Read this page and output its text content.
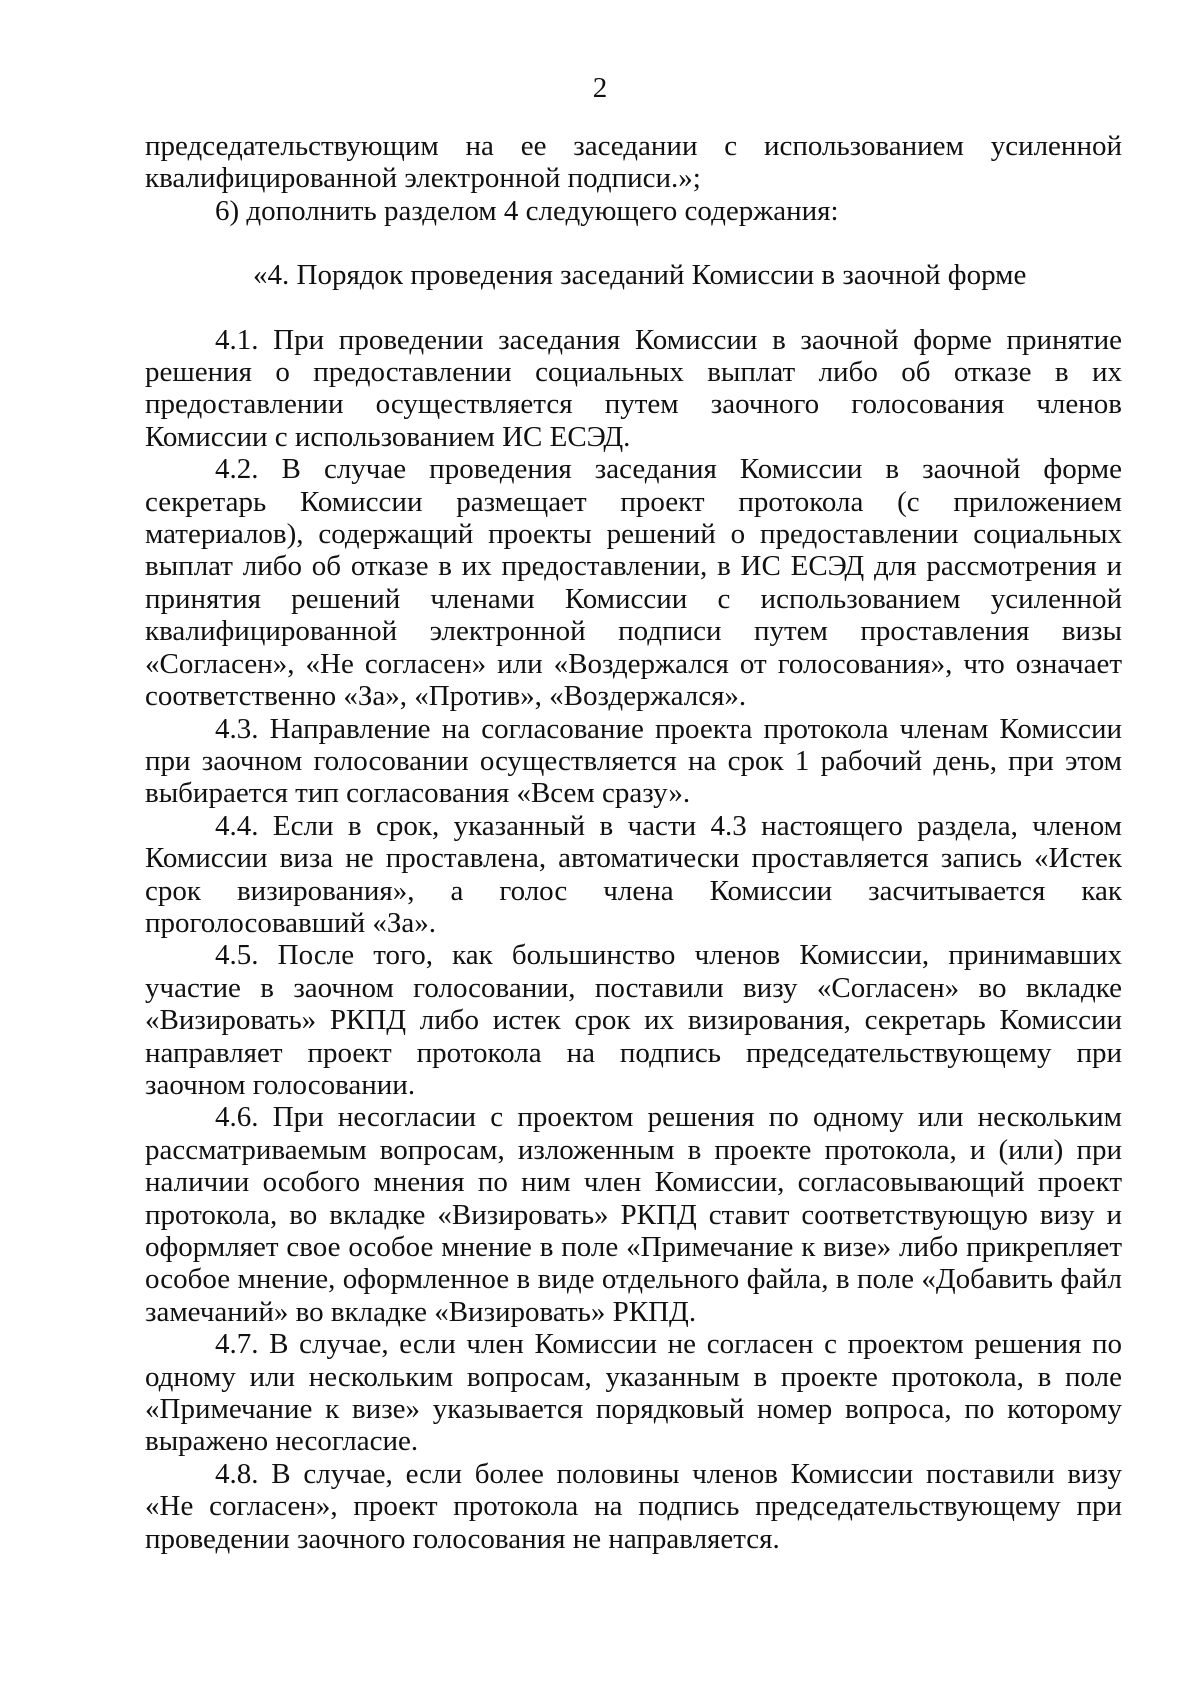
2

председательствующим на ее заседании с использованием усиленной квалифицированной электронной подписи.»;

6) дополнить разделом 4 следующего содержания:

«4. Порядок проведения заседаний Комиссии в заочной форме

4.1. При проведении заседания Комиссии в заочной форме принятие решения о предоставлении социальных выплат либо об отказе в их предоставлении осуществляется путем заочного голосования членов Комиссии с использованием ИС ЕСЭД.

4.2. В случае проведения заседания Комиссии в заочной форме секретарь Комиссии размещает проект протокола (с приложением материалов), содержащий проекты решений о предоставлении социальных выплат либо об отказе в их предоставлении, в ИС ЕСЭД для рассмотрения и принятия решений членами Комиссии с использованием усиленной квалифицированной электронной подписи путем проставления визы «Согласен», «Не согласен» или «Воздержался от голосования», что означает соответственно «За», «Против», «Воздержался».

4.3. Направление на согласование проекта протокола членам Комиссии при заочном голосовании осуществляется на срок 1 рабочий день, при этом выбирается тип согласования «Всем сразу».

4.4. Если в срок, указанный в части 4.3 настоящего раздела, членом Комиссии виза не проставлена, автоматически проставляется запись «Истек срок визирования», а голос члена Комиссии засчитывается как проголосовавший «За».

4.5. После того, как большинство членов Комиссии, принимавших участие в заочном голосовании, поставили визу «Согласен» во вкладке «Визировать» РКПД либо истек срок их визирования, секретарь Комиссии направляет проект протокола на подпись председательствующему при заочном голосовании.

4.6. При несогласии с проектом решения по одному или нескольким рассматриваемым вопросам, изложенным в проекте протокола, и (или) при наличии особого мнения по ним член Комиссии, согласовывающий проект протокола, во вкладке «Визировать» РКПД ставит соответствующую визу и оформляет свое особое мнение в поле «Примечание к визе» либо прикрепляет особое мнение, оформленное в виде отдельного файла, в поле «Добавить файл замечаний» во вкладке «Визировать» РКПД.

4.7. В случае, если член Комиссии не согласен с проектом решения по одному или нескольким вопросам, указанным в проекте протокола, в поле «Примечание к визе» указывается порядковый номер вопроса, по которому выражено несогласие.

4.8. В случае, если более половины членов Комиссии поставили визу «Не согласен», проект протокола на подпись председательствующему при проведении заочного голосования не направляется.
